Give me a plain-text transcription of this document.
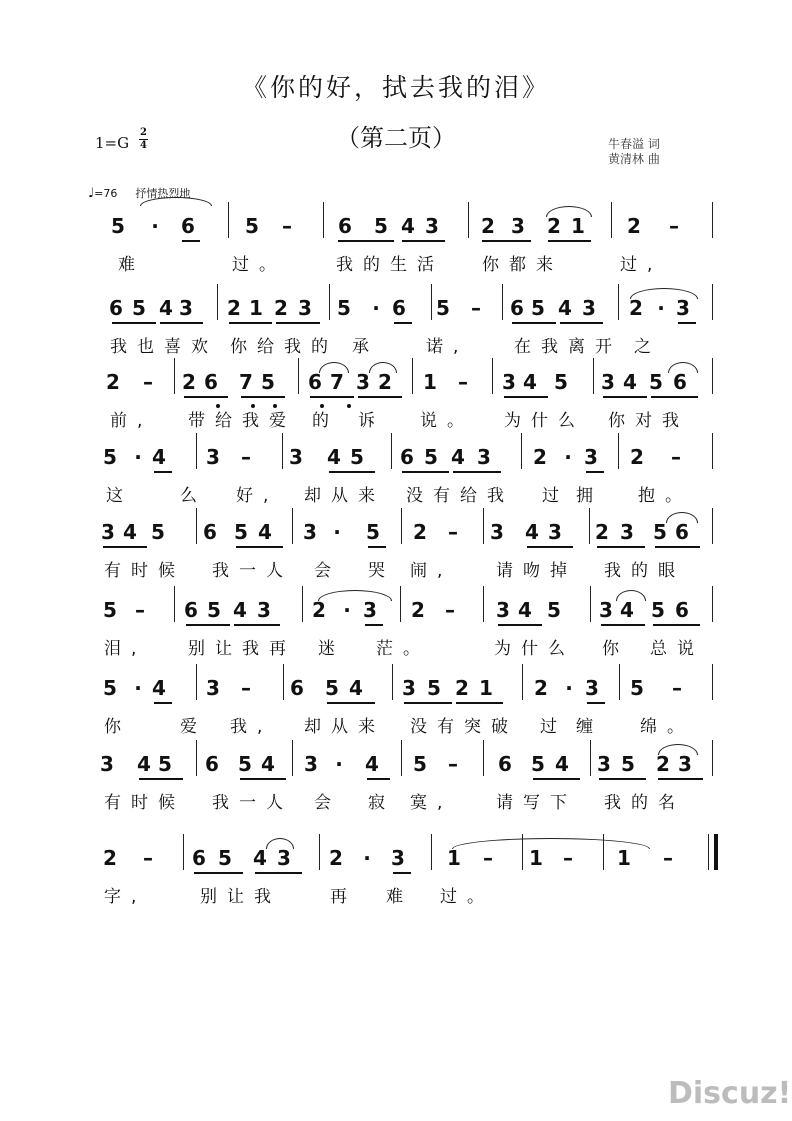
《你的好，拭去我的泪》
（第二页）
1=G
2
4	牛春溢 词
黄清林 曲
♩=76 抒情热烈地
5 · 6	5 – 6 5 4 3 2 3 2 1 2 –
难	过。	我的生活 你都来	过,
6 5 4 3 2 1 2 3 5 · 6 5 – 6 5 4 3 2 · 3
我也 喜欢 你给我的 承	诺,	在我离开 之
2 – 2 6 7 5 6 7 3 2 1 – 3 4 5 3 4 5 6
前, 带给我爱 的 诉 说。 为什么 你对我
5 · 4 3 – 3 4 5 6 5 4 3 2 · 3 2 –
这	么 好, 却从来 没有给我 过 拥 抱。
3 4 5 6 5 4 3 · 5 2 – 3 4 3 2 3 5 6
有时候 我一人 会 哭 闹,	请吻掉 我的眼
5 – 6 5 4 3 2 · 3 2 – 3 4 5 3 4 5 6
泪, 别让我再 迷 茫。	为什么 你 总说
5 · 4 3 – 6 5 4 3 5 2 1 2 · 3 5 –
你	爱 我, 却从来 没有突破 过 缠 绵。
3 4 5 6 5 4 3 · 4 5 – 6 5 4 3 5 2 3
有时候 我一人 会 寂 寞,	请写下 我的名
2 – 6 5 4 3 2 · 3 1 – 1 – 1 –
字,	别让我	再 难 过。
Discuz!
